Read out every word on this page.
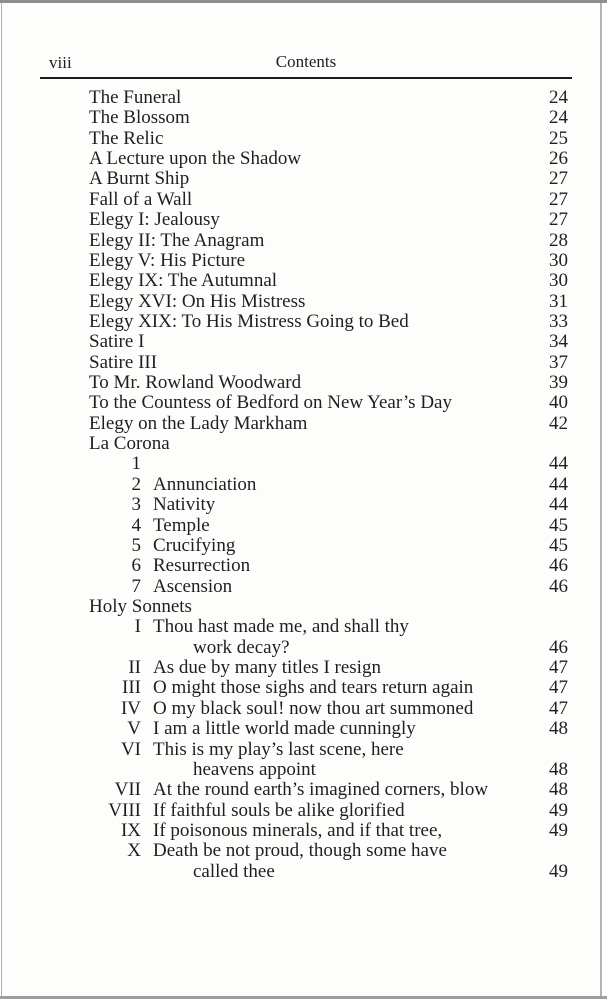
viii	Contents
The Funeral	24
The Blossom	24
The Relic	25
A Lecture upon the Shadow	26
A Burnt Ship	27
Fall of a Wall	27
Elegy I: Jealousy	27
Elegy II: The Anagram	28
Elegy V: His Picture	30
Elegy IX: The Autumnal	30
Elegy XVI: On His Mistress	31
Elegy XIX: To His Mistress Going to Bed	33
Satire I	34
Satire III	37
To Mr. Rowland Woodward	39
To the Countess of Bedford on New Year’s Day	40
Elegy on the Lady Markham	42
La Corona
1	44
2 Annunciation	44
3 Nativity	44
4 Temple	45
5 Crucifying	45
6 Resurrection	46
7 Ascension	46
Holy Sonnets
I Thou hast made me, and shall thy
work decay?	46
II As due by many titles I resign	47
III O might those sighs and tears return again	47
IV O my black soul! now thou art summoned	47
V I am a little world made cunningly	48
VI This is my play’s last scene, here
heavens appoint	48
VII At the round earth’s imagined corners, blow	48
VIII If faithful souls be alike glorified	49
IX If poisonous minerals, and if that tree,	49
X Death be not proud, though some have
called thee	49
